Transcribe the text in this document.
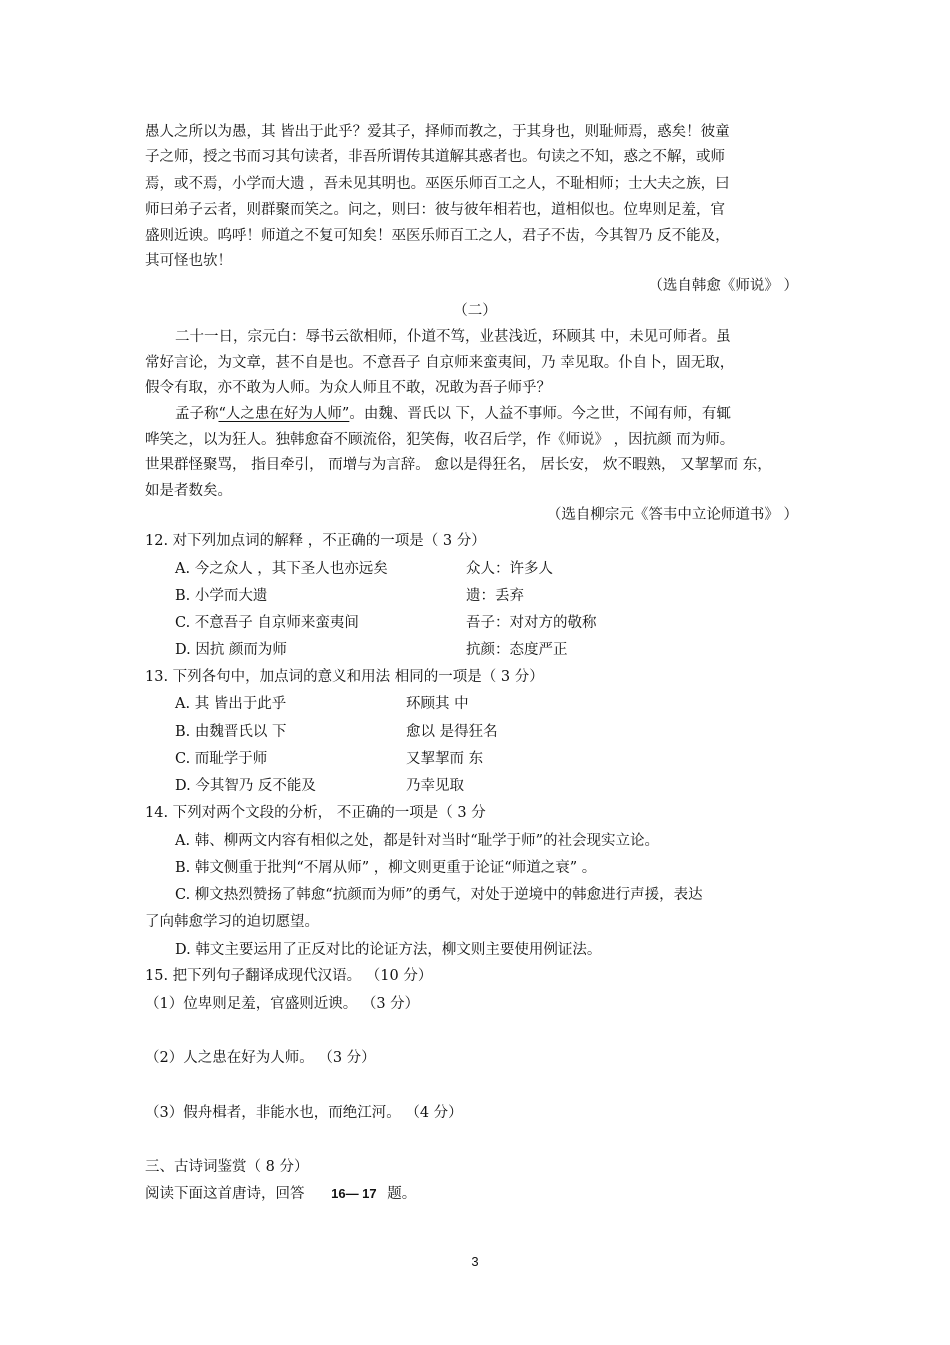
愚人之所以为愚，其 皆出于此乎？爱其子，择师而教之，于其身也，则耻师焉，惑矣！彼童
子之师，授之书而习其句读者，非吾所谓传其道解其惑者也。句读之不知，惑之不解，或师
焉，或不焉，小学而大遗 ，吾未见其明也。巫医乐师百工之人，不耻相师；士大夫之族，曰
师曰弟子云者，则群聚而笑之。问之，则曰：彼与彼年相若也，道相似也。位卑则足羞，官
盛则近谀。呜呼！师道之不复可知矣！巫医乐师百工之人，君子不齿，今其智乃 反不能及，
其可怪也欤！
（选自韩愈《师说》 ）
（二）
二十一日，宗元白：辱书云欲相师，仆道不笃，业甚浅近，环顾其 中，未见可师者。虽
常好言论，为文章，甚不自是也。不意吾子 自京师来蛮夷间，乃 幸见取。仆自卜，固无取，
假令有取，亦不敢为人师。为众人师且不敢，况敢为吾子师乎？
孟子称“人之患在好为人师”。由魏、晋氏以 下，人益不事师。今之世，不闻有师，有辄
哗笑之，以为狂人。独韩愈奋不顾流俗，犯笑侮，收召后学，作《师说》 ，因抗颜 而为师。
世果群怪聚骂， 指目牵引， 而增与为言辞。 愈以是得狂名， 居长安， 炊不暇熟， 又挈挈而 东，
如是者数矣。
（选自柳宗元《答韦中立论师道书》 ）
12. 对下列加点词的解释 ，不正确的一项是（ 3 分）
A. 今之众人 ，其下圣人也亦远矣	众人：许多人
B. 小学而大遗	遗：丢弃
C. 不意吾子 自京师来蛮夷间	吾子：对对方的敬称
D. 因抗 颜而为师	抗颜：态度严正
13. 下列各句中，加点词的意义和用法 相同的一项是（ 3 分）
A. 其 皆出于此乎	环顾其 中
B. 由魏晋氏以 下	愈以 是得狂名
C. 而耻学于师	又挈挈而 东
D. 今其智乃 反不能及	乃幸见取
14. 下列对两个文段的分析， 不正确的一项是（ 3 分
A. 韩、柳两文内容有相似之处，都是针对当时“耻学于师”的社会现实立论。
B. 韩文侧重于批判“不屑从师” ，柳文则更重于论证“师道之衰” 。
C. 柳文热烈赞扬了韩愈“抗颜而为师”的勇气，对处于逆境中的韩愈进行声援，表达
了向韩愈学习的迫切愿望。
D. 韩文主要运用了正反对比的论证方法，柳文则主要使用例证法。
15. 把下列句子翻译成现代汉语。 （10 分）
（1）位卑则足羞，官盛则近谀。 （3 分）
（2）人之患在好为人师。 （3 分）
（3）假舟楫者，非能水也，而绝江河。 （4 分）
三、古诗词鉴赏（ 8 分）
阅读下面这首唐诗，回答 16— 17 题。
3
